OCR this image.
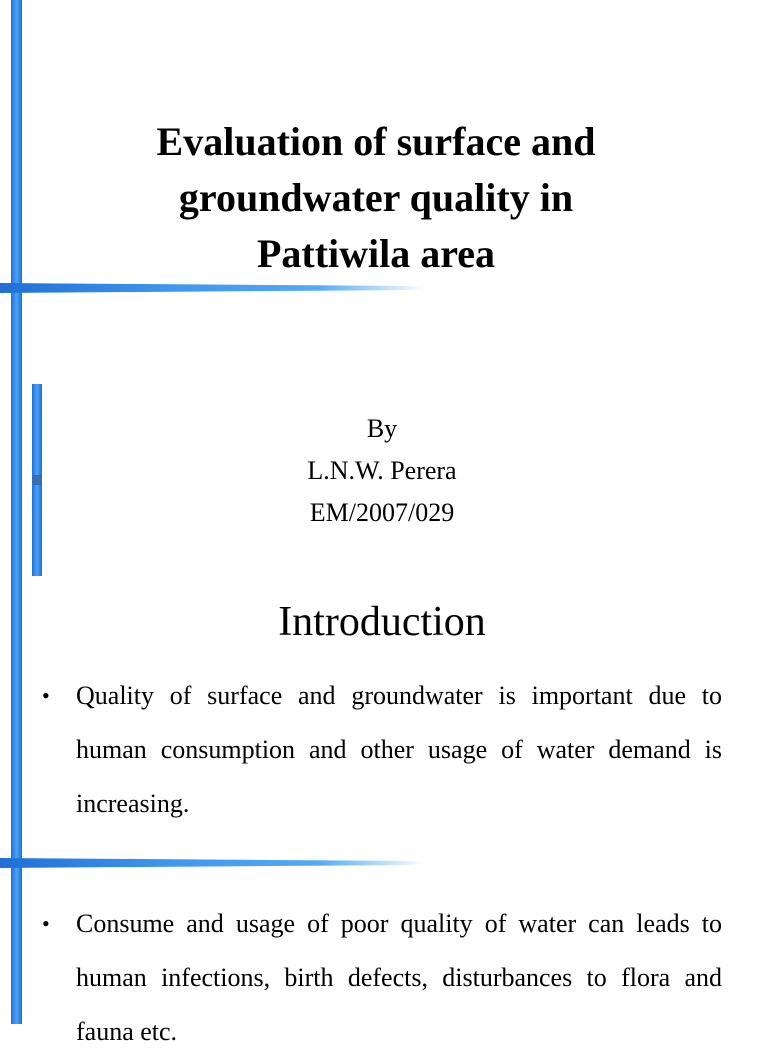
Evaluation of surface and
groundwater quality in
Pattiwila area
By
L.N.W. Perera
EM/2007/029
Introduction
•	Quality of surface and groundwater is important due to human consumption and other usage of water demand is increasing.
•	Consume and usage of poor quality of water can leads to human infections, birth defects, disturbances to flora and fauna etc.
